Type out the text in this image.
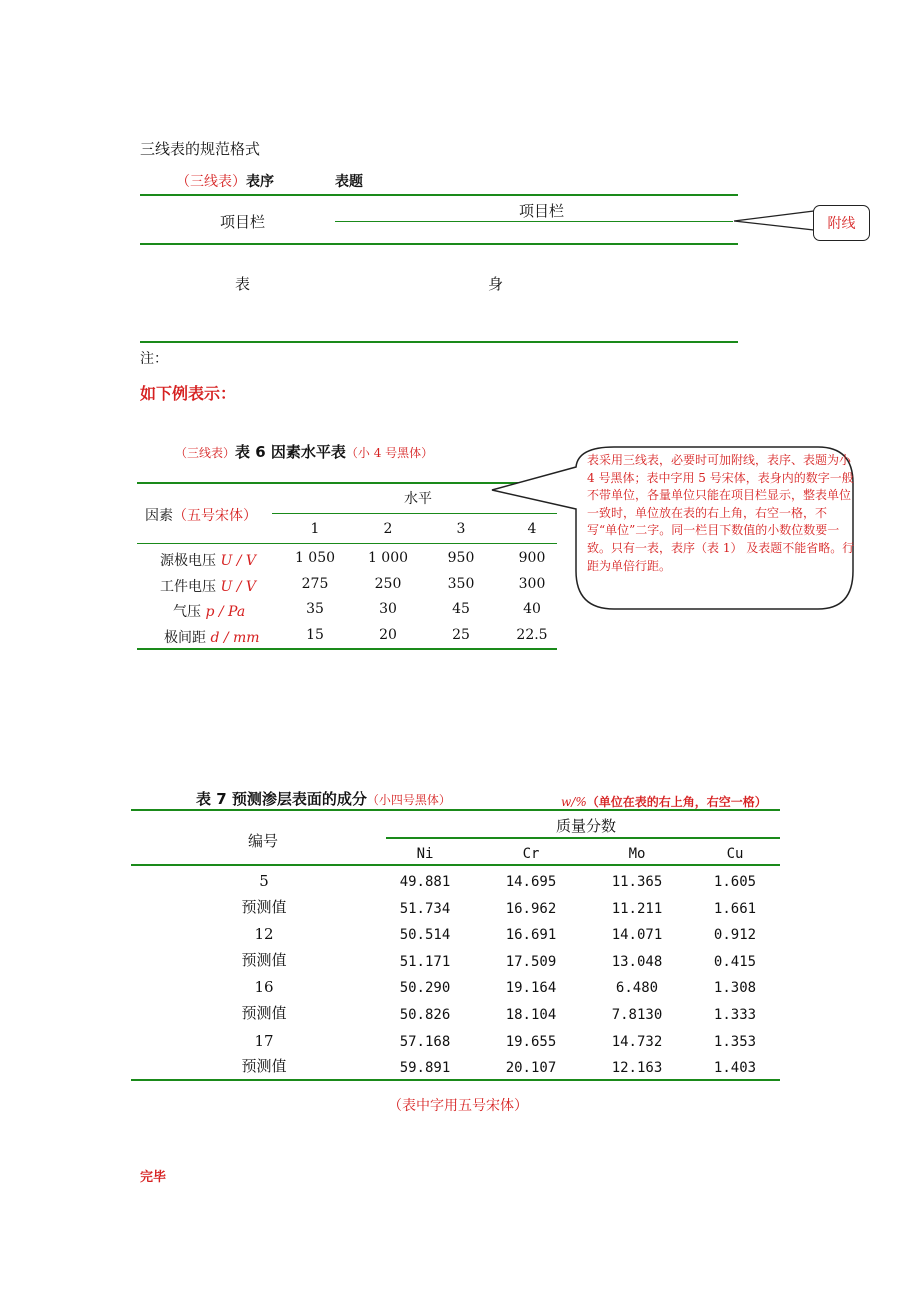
三线表的规范格式
（三线表）表序	表题
项目栏
项目栏
表	身
注：
附线
如下例表示：
（三线表）表 6 因素水平表（小 4 号黑体）
因素（五号宋体）
水平
1	2	3	4
源极电压 U / V	1 050	1 000	950	900
工件电压 U / V	275	250	350	300
气压 p / Pa	35	30	45	40
极间距 d / mm	15	20	25	22.5
表采用三线表，必要时可加附线，表序、表题为小 4 号黑体；表中字用 5 号宋体，表身内的数字一般不带单位，各量单位只能在项目栏显示，整表单位一致时，单位放在表的右上角，右空一格，不写“单位”二字。同一栏目下数值的小数位数要一致。只有一表，表序（表 1） 及表题不能省略。行距为单倍行距。
表 7 预测渗层表面的成分（小四号黑体）	w/%（单位在表的右上角，右空一格）
编号
质量分数
Ni	Cr	Mo	Cu
5	49.881	14.695	11.365	1.605
预测值	51.734	16.962	11.211	1.661
12	50.514	16.691	14.071	0.912
预测值	51.171	17.509	13.048	0.415
16	50.290	19.164	6.480	1.308
预测值	50.826	18.104	7.8130	1.333
17	57.168	19.655	14.732	1.353
预测值	59.891	20.107	12.163	1.403
（表中字用五号宋体）
完毕
